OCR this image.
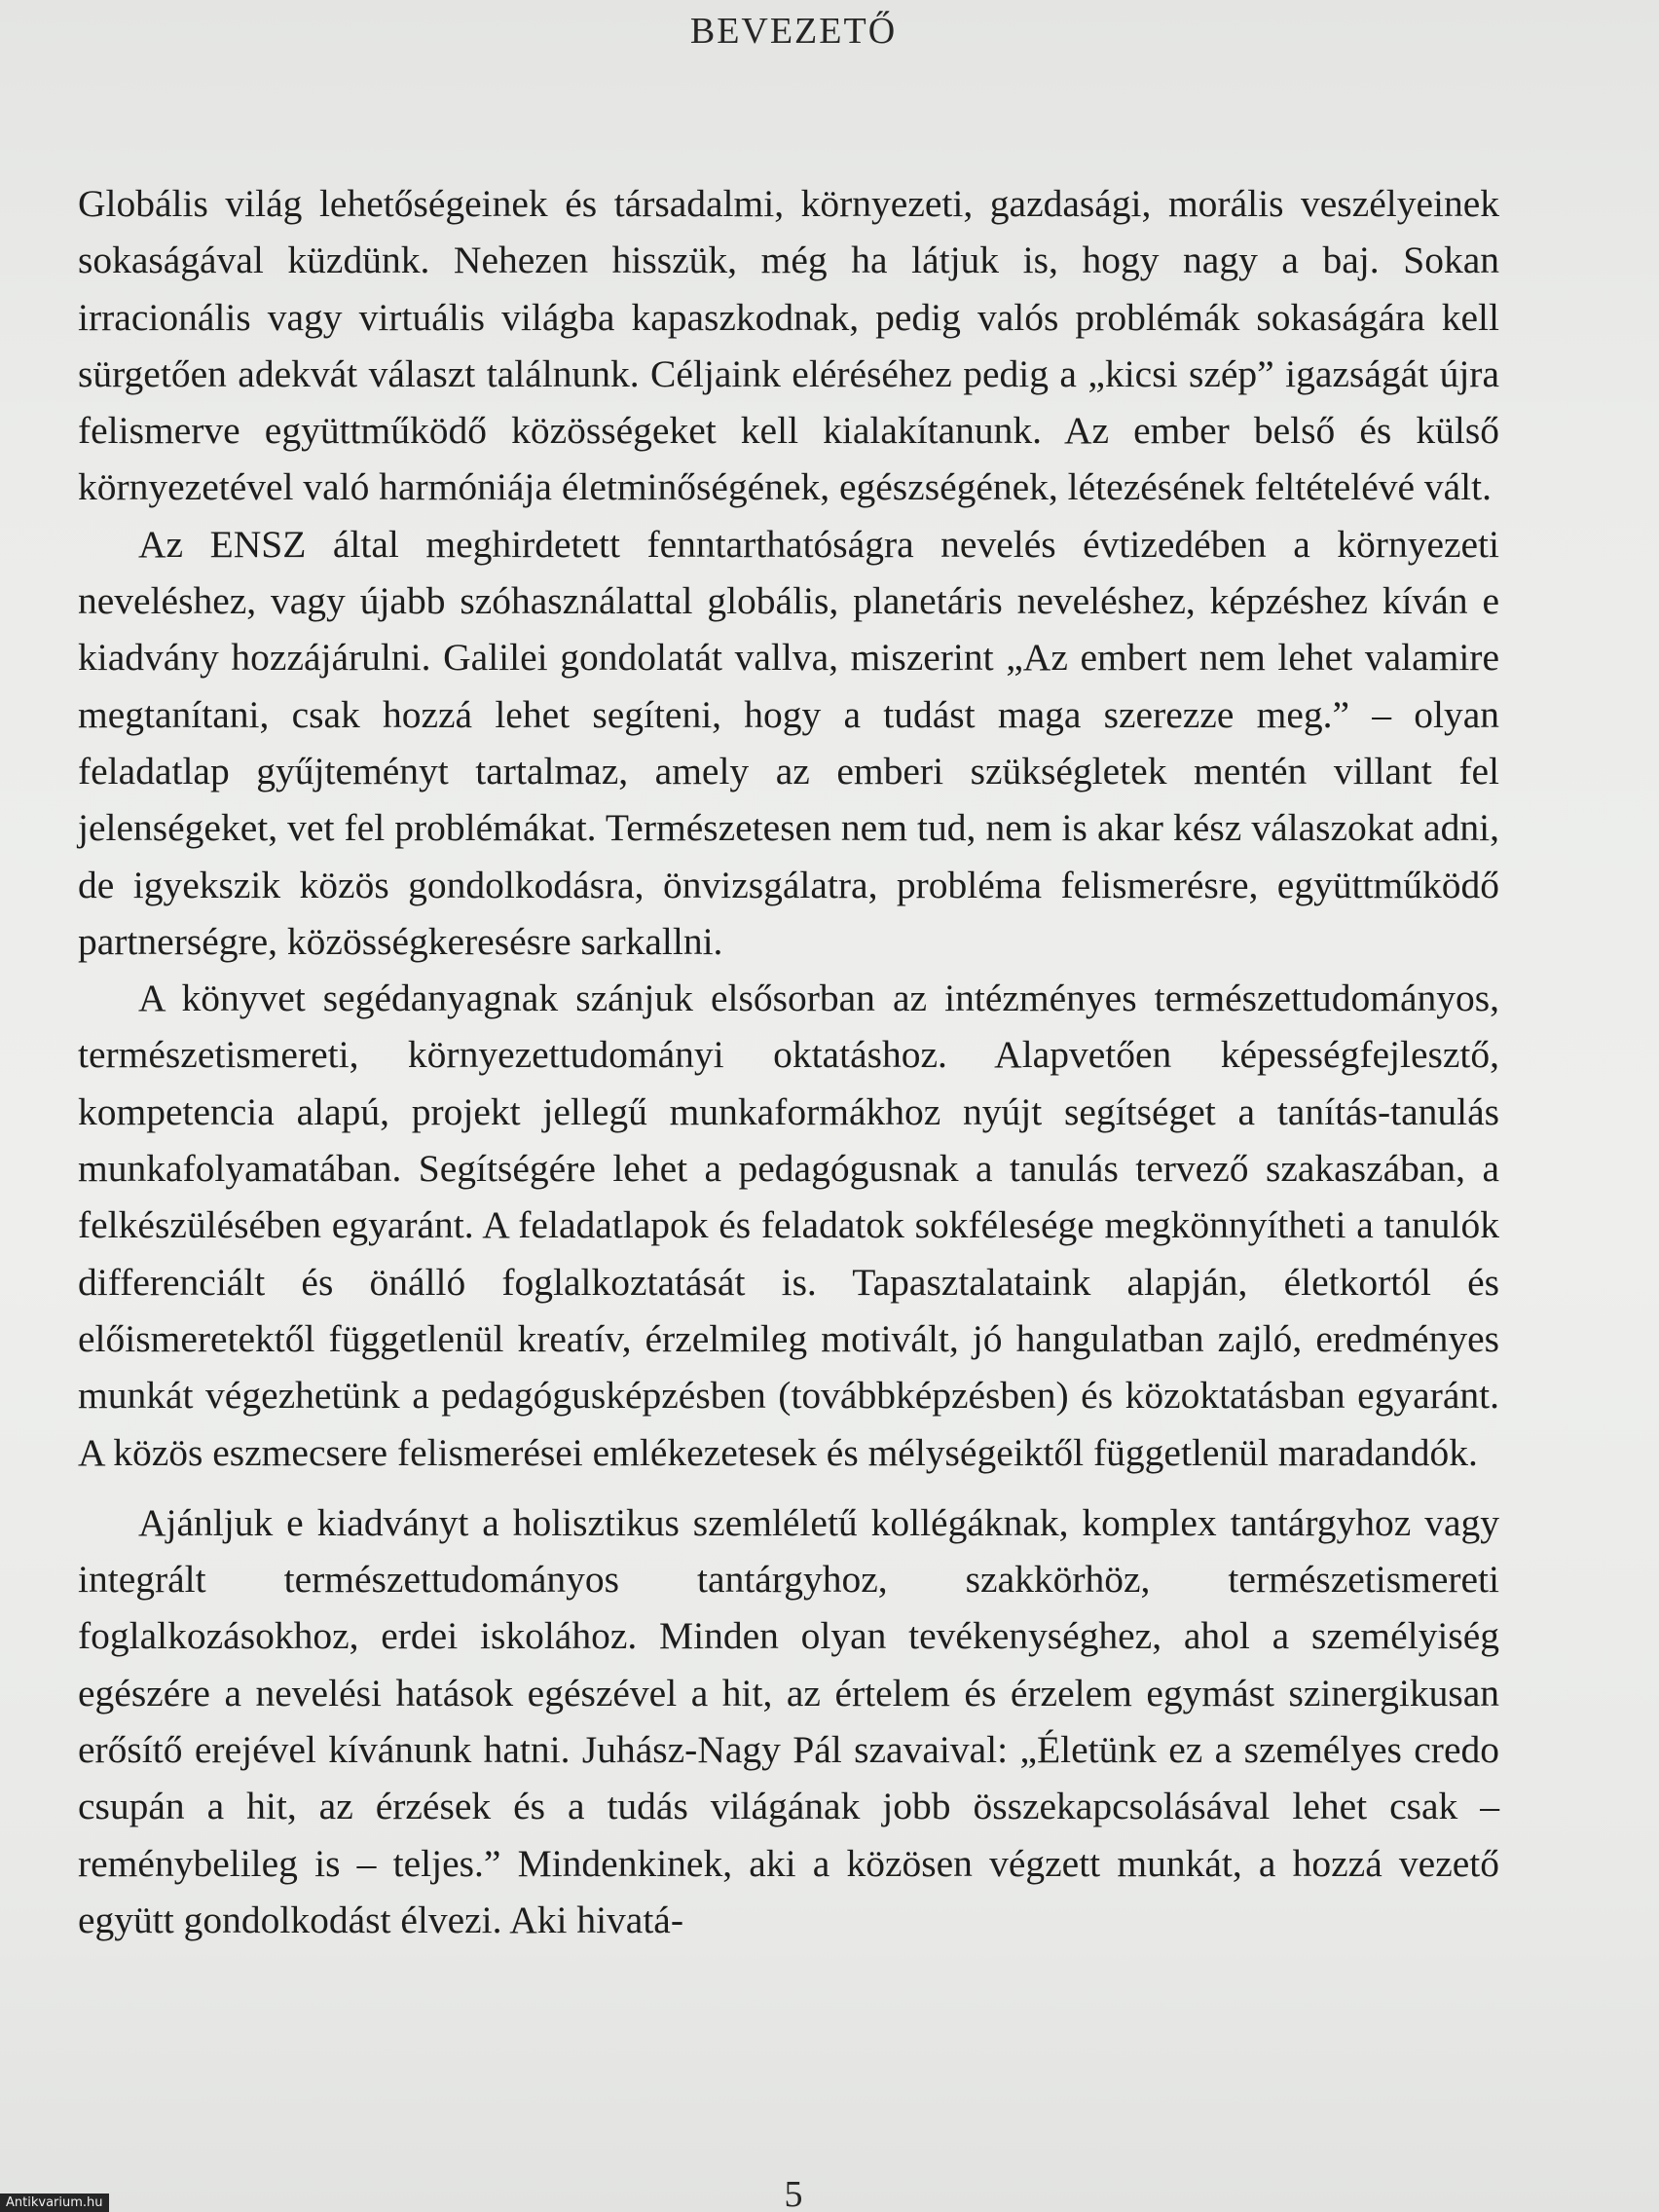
BEVEZETŐ

Globális világ lehetőségeinek és társadalmi, környezeti, gazdasági, morális veszélyeinek sokaságával küzdünk. Nehezen hisszük, még ha látjuk is, hogy nagy a baj. Sokan irracionális vagy virtuális világba kapaszkodnak, pedig valós problémák sokaságára kell sürgetően adekvát választ találnunk. Céljaink eléréséhez pedig a „kicsi szép” igazságát újra felismerve együttműködő közösségeket kell kialakítanunk. Az ember belső és külső környezetével való harmóniája életminőségének, egészségének, létezésének feltételévé vált.

Az ENSZ által meghirdetett fenntarthatóságra nevelés évtizedében a környezeti neveléshez, vagy újabb szóhasználattal globális, planetáris neveléshez, képzéshez kíván e kiadvány hozzájárulni. Galilei gondolatát vallva, miszerint „Az embert nem lehet valamire megtanítani, csak hozzá lehet segíteni, hogy a tudást maga szerezze meg.” – olyan feladatlap gyűjteményt tartalmaz, amely az emberi szükségletek mentén villant fel jelenségeket, vet fel problémákat. Természetesen nem tud, nem is akar kész válaszokat adni, de igyekszik közös gondolkodásra, önvizsgálatra, probléma felismerésre, együttműködő partnerségre, közösségkeresésre sarkallni.

A könyvet segédanyagnak szánjuk elsősorban az intézményes természettudományos, természetismereti, környezettudományi oktatáshoz. Alapvetően képességfejlesztő, kompetencia alapú, projekt jellegű munkaformákhoz nyújt segítséget a tanítás-tanulás munkafolyamatában. Segítségére lehet a pedagógusnak a tanulás tervező szakaszában, a felkészülésében egyaránt. A feladatlapok és feladatok sokfélesége megkönnyítheti a tanulók differenciált és önálló foglalkoztatását is. Tapasztalataink alapján, életkortól és előismeretektől függetlenül kreatív, érzelmileg motivált, jó hangulatban zajló, eredményes munkát végezhetünk a pedagógusképzésben (továbbképzésben) és közoktatásban egyaránt. A közös eszmecsere felismerései emlékezetesek és mélységeiktől függetlenül maradandók.

Ajánljuk e kiadványt a holisztikus szemléletű kollégáknak, komplex tantárgyhoz vagy integrált természettudományos tantárgyhoz, szakkörhöz, természetismereti foglalkozásokhoz, erdei iskolához. Minden olyan tevékenységhez, ahol a személyiség egészére a nevelési hatások egészével a hit, az értelem és érzelem egymást szinergikusan erősítő erejével kívánunk hatni. Juhász-Nagy Pál szavaival: „Életünk ez a személyes credo csupán a hit, az érzések és a tudás világának jobb összekapcsolásával lehet csak – reménybelileg is – teljes.” Mindenkinek, aki a közösen végzett munkát, a hozzá vezető együtt gondolkodást élvezi. Aki hivatá-

5
Antikvarium.hu
